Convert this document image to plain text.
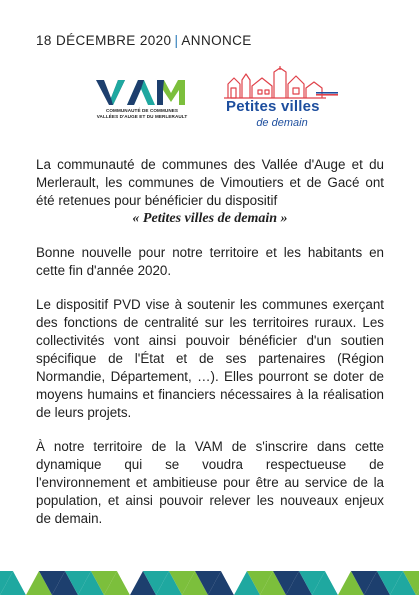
18 DÉCEMBRE 2020 | ANNONCE
COMMUNAUTÉ DE COMMUNES
VALLÉES D'AUGE ET DU MERLERAULT
Petites villes
de demain

La communauté de communes des Vallée d'Auge et du Merlerault, les communes de Vimoutiers et de Gacé ont été retenues pour bénéficier du dispositif
« Petites villes de demain »

Bonne nouvelle pour notre territoire et les habitants en cette fin d'année 2020.

Le dispositif PVD vise à soutenir les communes exerçant des fonctions de centralité sur les territoires ruraux. Les collectivités vont ainsi pouvoir bénéficier d'un soutien spécifique de l'État et de ses partenaires (Région Normandie, Département, …). Elles pourront se doter de moyens humains et financiers nécessaires à la réalisation de leurs projets.

À notre territoire de la VAM de s'inscrire dans cette dynamique qui se voudra respectueuse de l'environnement et ambitieuse pour être au service de la population, et ainsi pouvoir relever les nouveaux enjeux de demain.
